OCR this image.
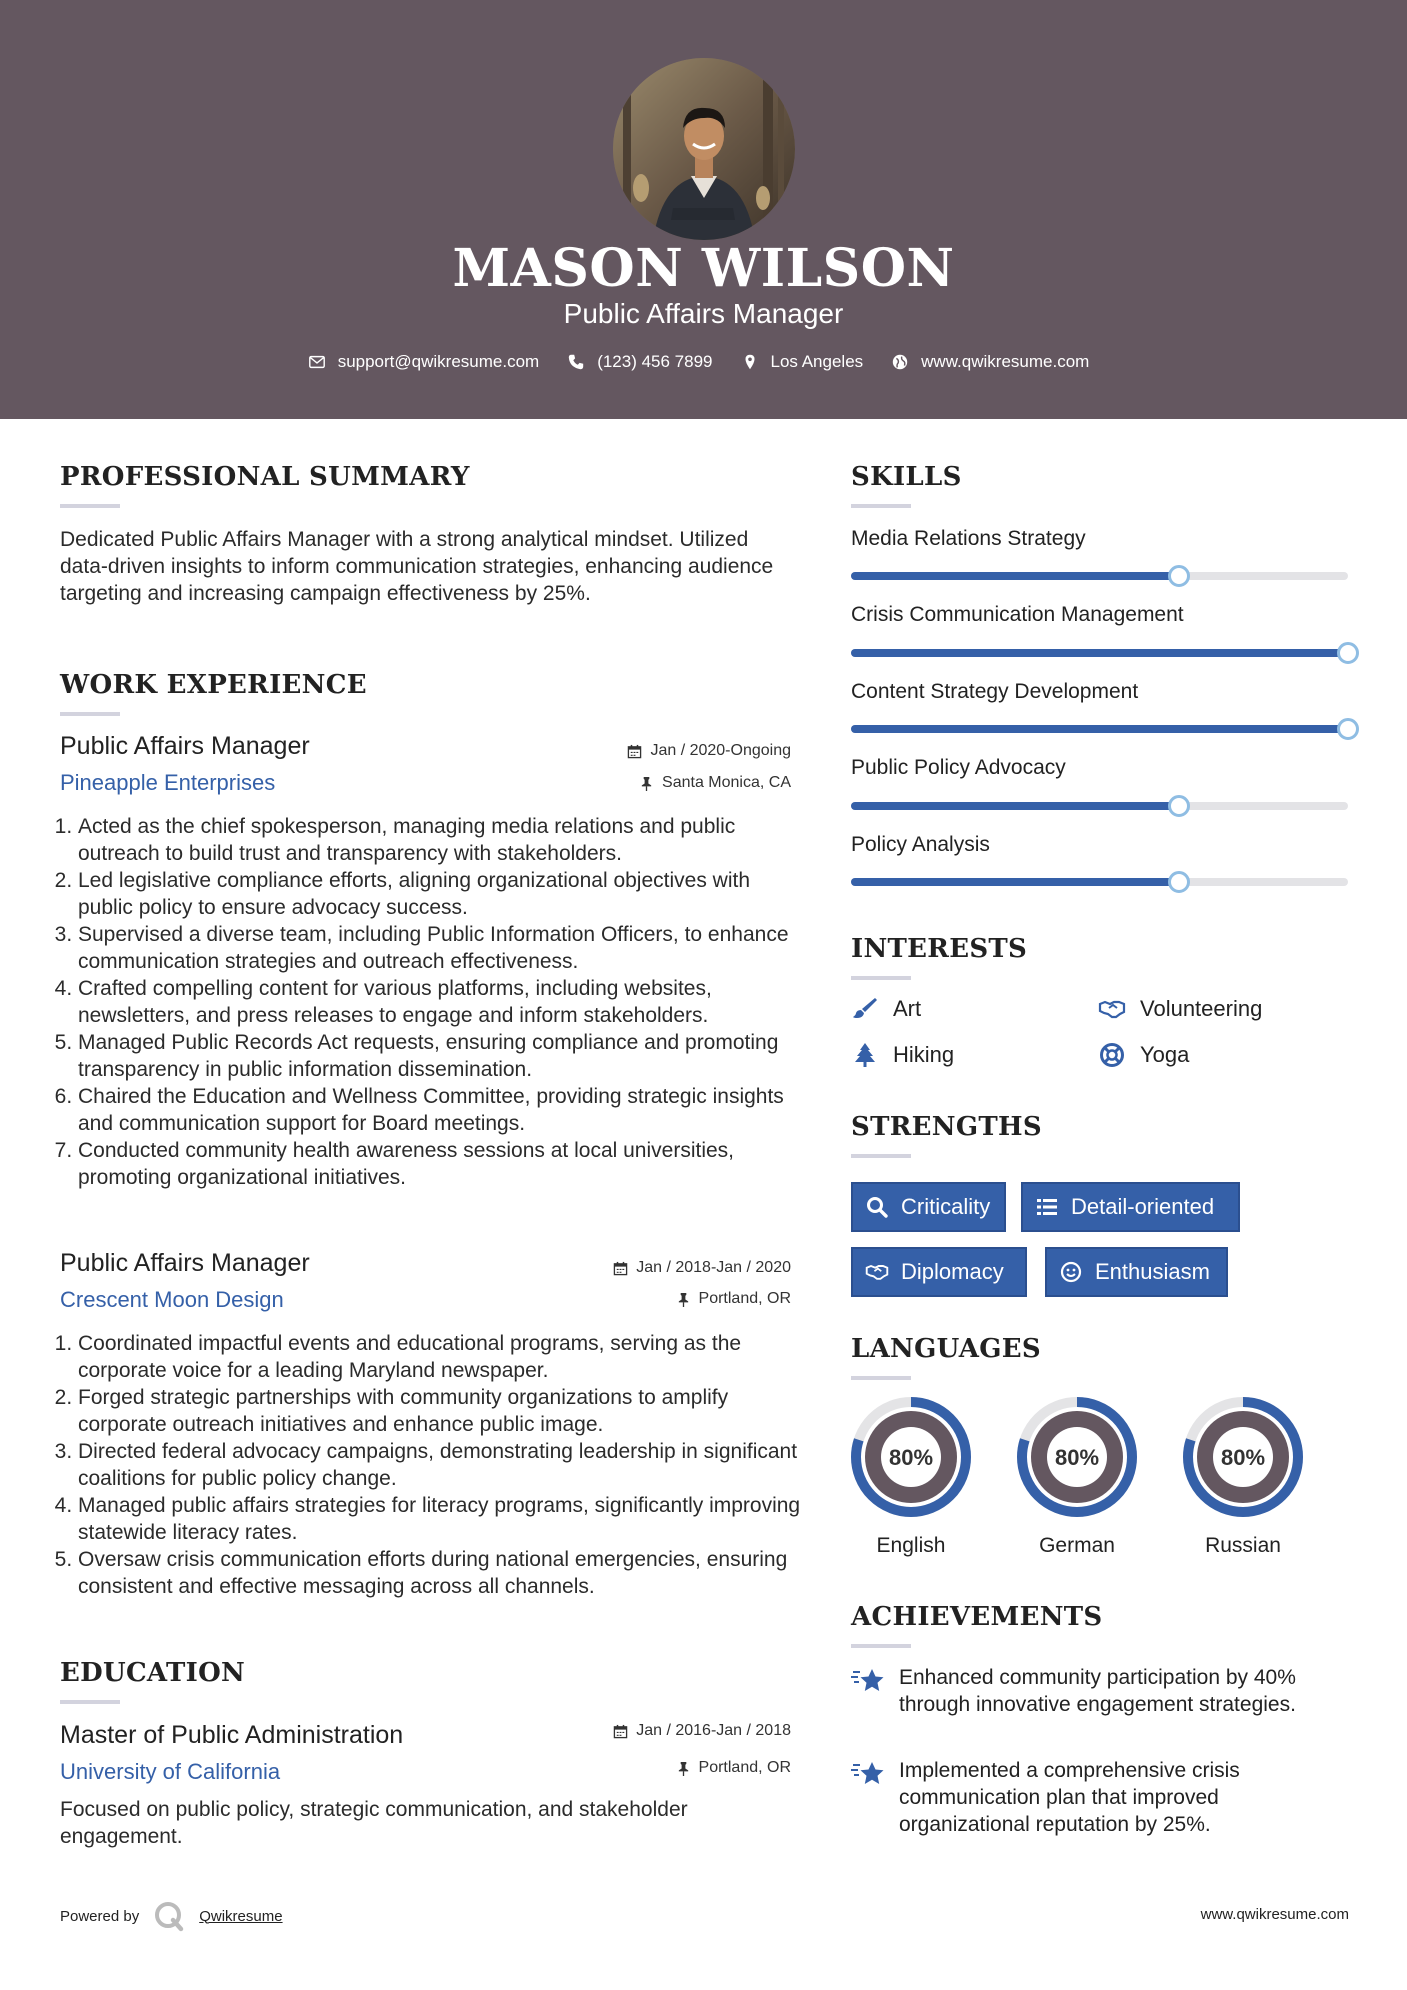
MASON WILSON
Public Affairs Manager
support@qwikresume.com	(123) 456 7899	Los Angeles	www.qwikresume.com
PROFESSIONAL SUMMARY
Dedicated Public Affairs Manager with a strong analytical mindset. Utilized data-driven insights to inform communication strategies, enhancing audience targeting and increasing campaign effectiveness by 25%.
WORK EXPERIENCE
Public Affairs Manager	Jan / 2020-Ongoing
Pineapple Enterprises	Santa Monica, CA
1. Acted as the chief spokesperson, managing media relations and public outreach to build trust and transparency with stakeholders.
2. Led legislative compliance efforts, aligning organizational objectives with public policy to ensure advocacy success.
3. Supervised a diverse team, including Public Information Officers, to enhance communication strategies and outreach effectiveness.
4. Crafted compelling content for various platforms, including websites, newsletters, and press releases to engage and inform stakeholders.
5. Managed Public Records Act requests, ensuring compliance and promoting transparency in public information dissemination.
6. Chaired the Education and Wellness Committee, providing strategic insights and communication support for Board meetings.
7. Conducted community health awareness sessions at local universities, promoting organizational initiatives.
Public Affairs Manager	Jan / 2018-Jan / 2020
Crescent Moon Design	Portland, OR
1. Coordinated impactful events and educational programs, serving as the corporate voice for a leading Maryland newspaper.
2. Forged strategic partnerships with community organizations to amplify corporate outreach initiatives and enhance public image.
3. Directed federal advocacy campaigns, demonstrating leadership in significant coalitions for public policy change.
4. Managed public affairs strategies for literacy programs, significantly improving statewide literacy rates.
5. Oversaw crisis communication efforts during national emergencies, ensuring consistent and effective messaging across all channels.
EDUCATION
Master of Public Administration	Jan / 2016-Jan / 2018
University of California	Portland, OR
Focused on public policy, strategic communication, and stakeholder engagement.
SKILLS
Media Relations Strategy
Crisis Communication Management
Content Strategy Development
Public Policy Advocacy
Policy Analysis
INTERESTS
Art	Volunteering
Hiking	Yoga
STRENGTHS
Criticality	Detail-oriented
Diplomacy	Enthusiasm
LANGUAGES
80%
English
80%
German
80%
Russian
ACHIEVEMENTS
Enhanced community participation by 40% through innovative engagement strategies.
Implemented a comprehensive crisis communication plan that improved organizational reputation by 25%.
Powered by	Qwikresume	www.qwikresume.com
